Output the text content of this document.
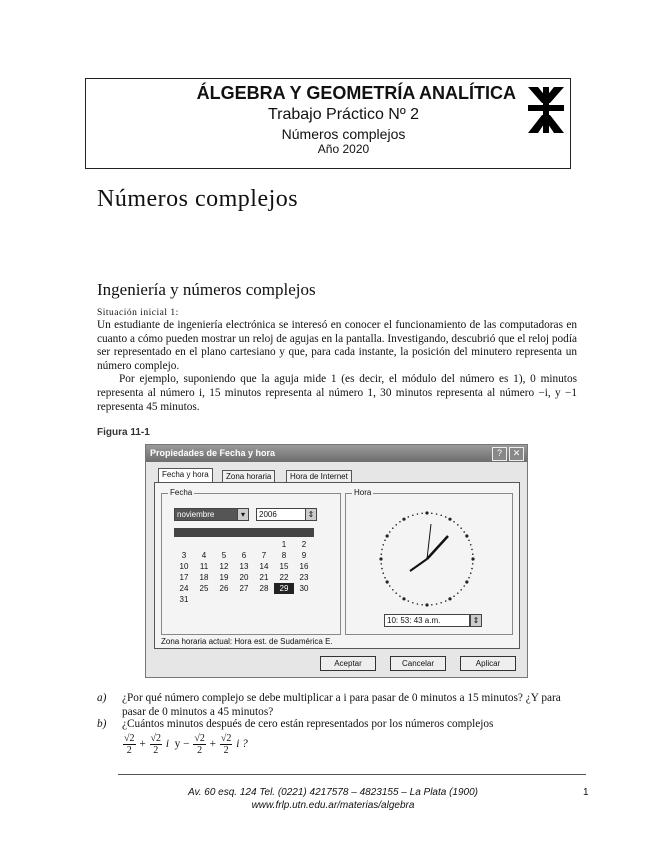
ÁLGEBRA Y GEOMETRÍA ANALÍTICA
Trabajo Práctico Nº 2
Números complejos
Año 2020
Números complejos
Ingeniería y números complejos
Situación inicial 1:

Un estudiante de ingeniería electrónica se interesó en conocer el funcionamiento de las computadoras en cuanto a cómo pueden mostrar un reloj de agujas en la pantalla. Investigando, descubrió que el reloj podía ser representado en el plano cartesiano y que, para cada instante, la posición del minutero representa un número complejo.

Por ejemplo, suponiendo que la aguja mide 1 (es decir, el módulo del número es 1), 0 minutos representa al número i, 15 minutos representa al número 1, 30 minutos representa al número −i, y −1 representa 45 minutos.

Figura 11-1
Propiedades de Fecha y hora	?	✕
Fecha y hora	Zona horaria	Hora de Internet
Fecha
noviembre	▾	2006	⇕
					1	2
3	4	5	6	7	8	9
10	11	12	13	14	15	16
17	18	19	20	21	22	23
24	25	26	27	28	29	30
31						
Hora
10: 53: 43 a.m.	⇕
Zona horaria actual: Hora est. de Sudamérica E.
Aceptar	Cancelar	Aplicar
a) ¿Por qué número complejo se debe multiplicar a i para pasar de 0 minutos a 15 minutos? ¿Y para pasar de 0 minutos a 45 minutos?
b) ¿Cuántos minutos después de cero están representados por los números complejos
$\frac{√2}{2} + \frac{√2}{2}$ i $y - \frac{√2}{2} + \frac{√2}{2}$ i ?
Av. 60 esq. 124 Tel. (0221) 4217578 – 4823155 – La Plata (1900)
www.frlp.utn.edu.ar/materias/algebra
1
